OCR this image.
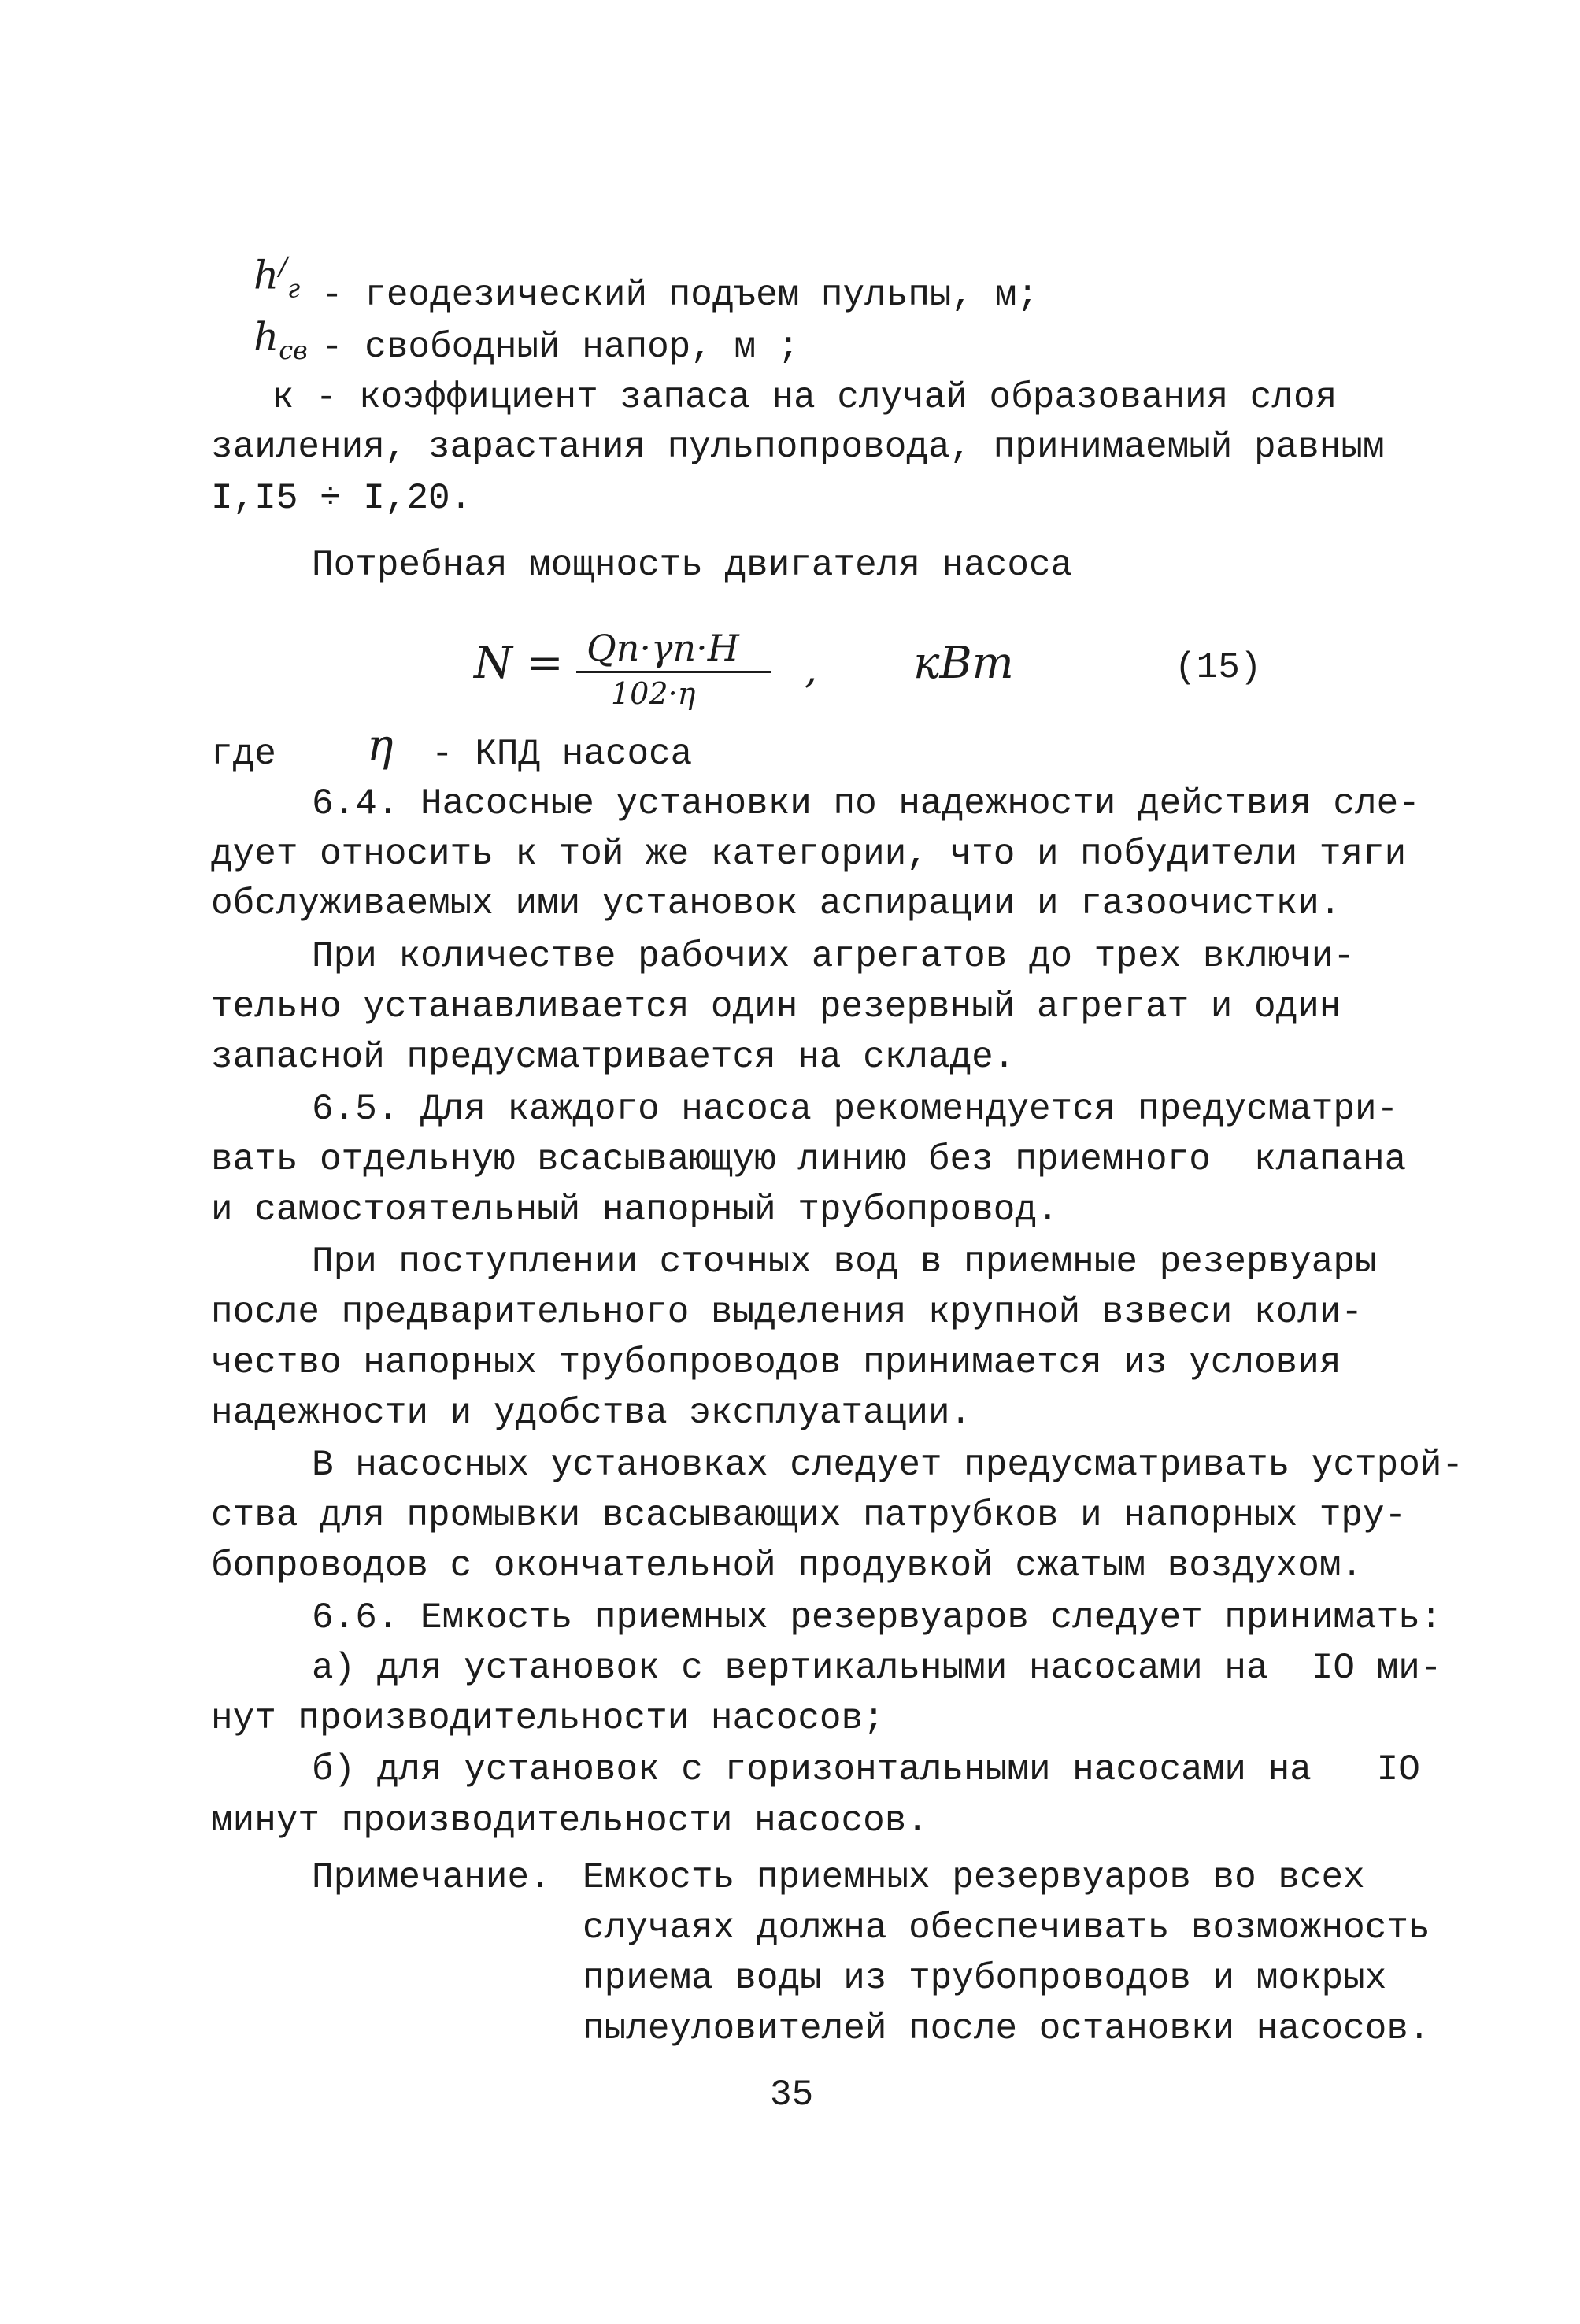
$h^/_г$ - геодезический подъем пульпы, м;
$h_{св}$ - свободный напор, м ;
к - коэффициент запаса на случай образования слоя
заиления, зарастания пульпопровода, принимаемый равным
I,I5 ÷ I,20.
Потребная мощность двигателя насоса
N = Qп·γп·H
102·η
, кВт	(15)
где η - КПД насоса
6.4. Насосные установки по надежности действия сле-
дует относить к той же категории, что и побудители тяги
обслуживаемых ими установок аспирации и газоочистки.
При количестве рабочих агрегатов до трех включи-
тельно устанавливается один резервный агрегат и один
запасной предусматривается на складе.
6.5. Для каждого насоса рекомендуется предусматри-
вать отдельную всасывающую линию без приемного  клапана
и самостоятельный напорный трубопровод.
При поступлении сточных вод в приемные резервуары
после предварительного выделения крупной взвеси коли-
чество напорных трубопроводов принимается из условия
надежности и удобства эксплуатации.
В насосных установках следует предусматривать устрой-
ства для промывки всасывающих патрубков и напорных тру-
бопроводов с окончательной продувкой сжатым воздухом.
6.6. Емкость приемных резервуаров следует принимать:
а) для установок с вертикальными насосами на  IO ми-
нут производительности насосов;
б) для установок с горизонтальными насосами на   IO
минут производительности насосов.
Примечание. Емкость приемных резервуаров во всех
случаях должна обеспечивать возможность
приема воды из трубопроводов и мокрых
пылеуловителей после остановки насосов.
35
